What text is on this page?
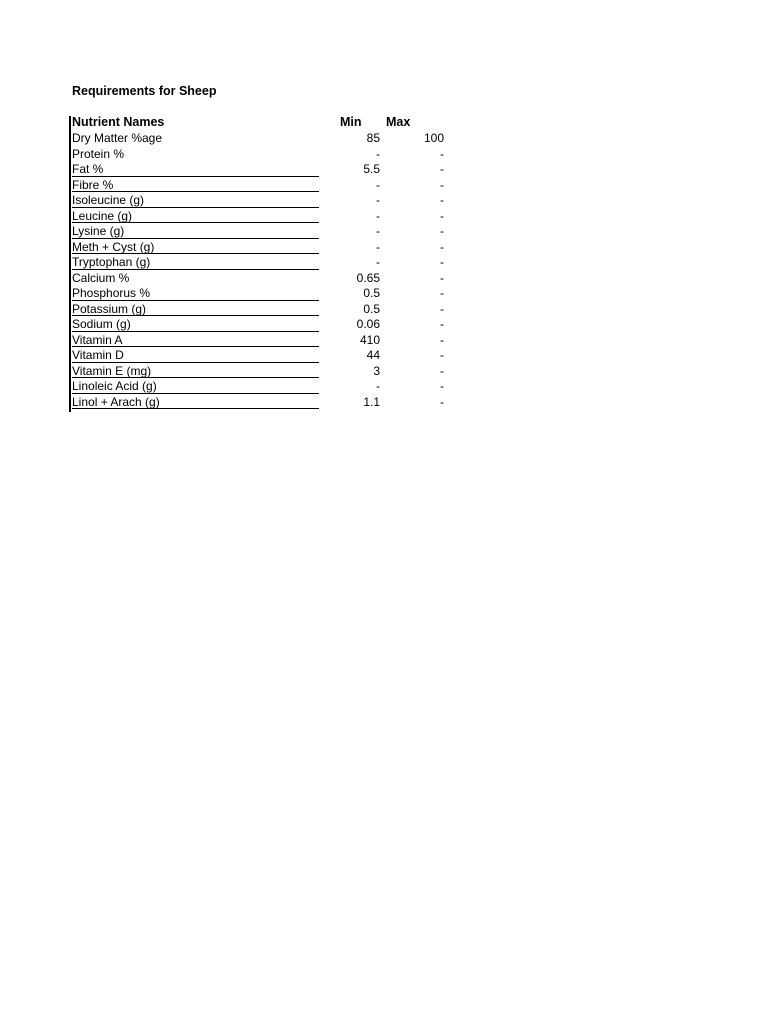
Requirements for Sheep
Nutrient Names	Min Max
Dry Matter %age	85	100
Protein %	-	-
Fat %	5.5	-
Fibre %	-	-
Isoleucine (g)	-	-
Leucine (g)	-	-
Lysine (g)	-	-
Meth + Cyst (g)	-	-
Tryptophan (g)	-	-
Calcium %	0.65	-
Phosphorus %	0.5	-
Potassium (g)	0.5	-
Sodium (g)	0.06	-
Vitamin A	410	-
Vitamin D	44	-
Vitamin E (mg)	3	-
Linoleic Acid (g)	-	-
Linol + Arach (g)	1.1	-
